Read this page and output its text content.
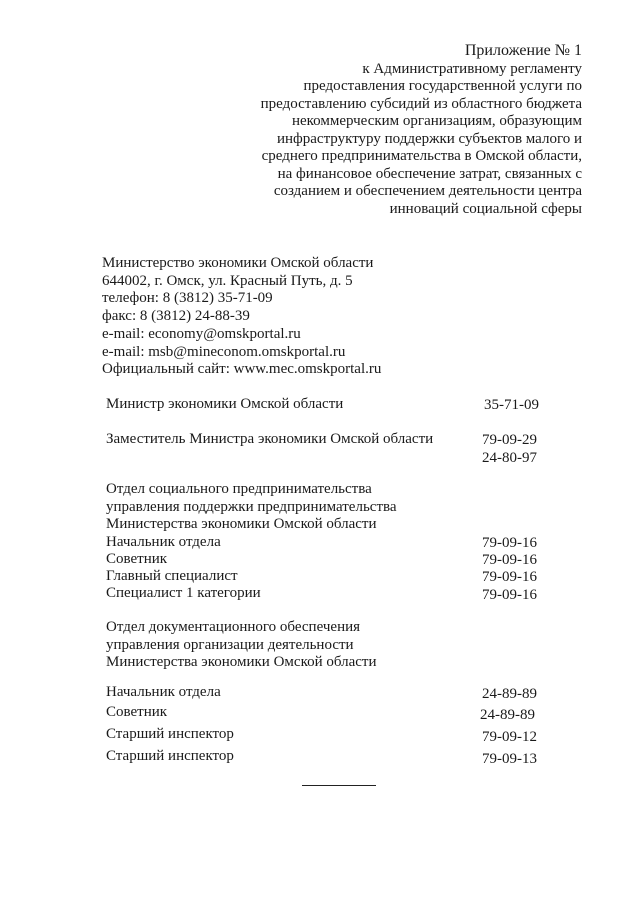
Приложение № 1
к Административному регламенту
предоставления государственной услуги по
предоставлению субсидий из областного бюджета
некоммерческим организациям, образующим
инфраструктуру поддержки субъектов малого и
среднего предпринимательства в Омской области,
на финансовое обеспечение затрат, связанных с
созданием и обеспечением деятельности центра
инноваций социальной сферы
Министерство экономики Омской области
644002, г. Омск, ул. Красный Путь, д. 5
телефон: 8 (3812) 35-71-09
факс: 8 (3812) 24-88-39
e-mail: economy@omskportal.ru
e-mail: msb@mineconom.omskportal.ru
Официальный сайт: www.mec.omskportal.ru
Министр экономики Омской области	35-71-09
Заместитель Министра экономики Омской области	79-09-29
24-80-97
Отдел социального предпринимательства
управления поддержки предпринимательства
Министерства экономики Омской области
Начальник отдела	79-09-16
Советник	79-09-16
Главный специалист	79-09-16
Специалист 1 категории	79-09-16
Отдел документационного обеспечения
управления организации деятельности
Министерства экономики Омской области
Начальник отдела	24-89-89
Советник	24-89-89
Старший инспектор	79-09-12
Старший инспектор	79-09-13
